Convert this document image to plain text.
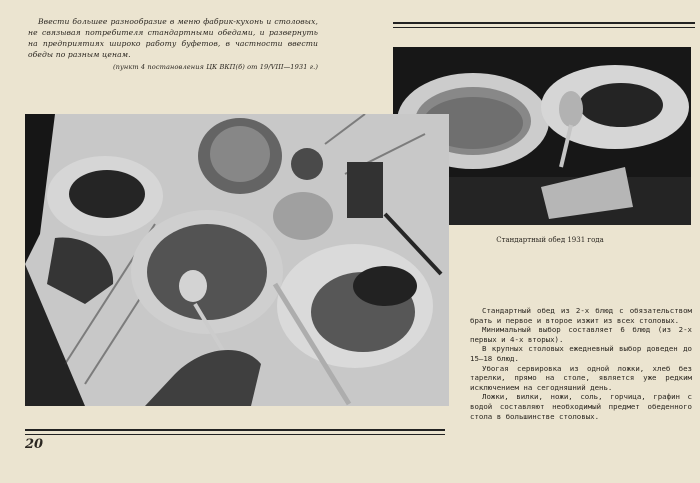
Ввести большее разнообразие в меню фабрик-кухонь и столовых, не связывая потребителя стандартными обедами, и развернуть на предприятиях широко работу буфетов, в частности ввести обеды по разным ценам.

(пункт 4 постановления ЦК ВКП(б) от 19/VIII—1931 г.)
Стандартный обед 1931 года

Стандартный обед из 2-х блюд с обязательством брать и первое и второе изжит из всех столовых.

Минимальный выбор составляет 6 блюд (из 2-х первых и 4-х вторых).

В крупных столовых ежедневный выбор доведен до 15—18 блюд.

Убогая сервировка из одной ложки, хлеб без тарелки, прямо на столе, является уже редким исключением на сегодняшний день.

Ложки, вилки, ножи, соль, горчица, графин с водой составляют необходимый предмет обеденного стола в большинстве столовых.

20
